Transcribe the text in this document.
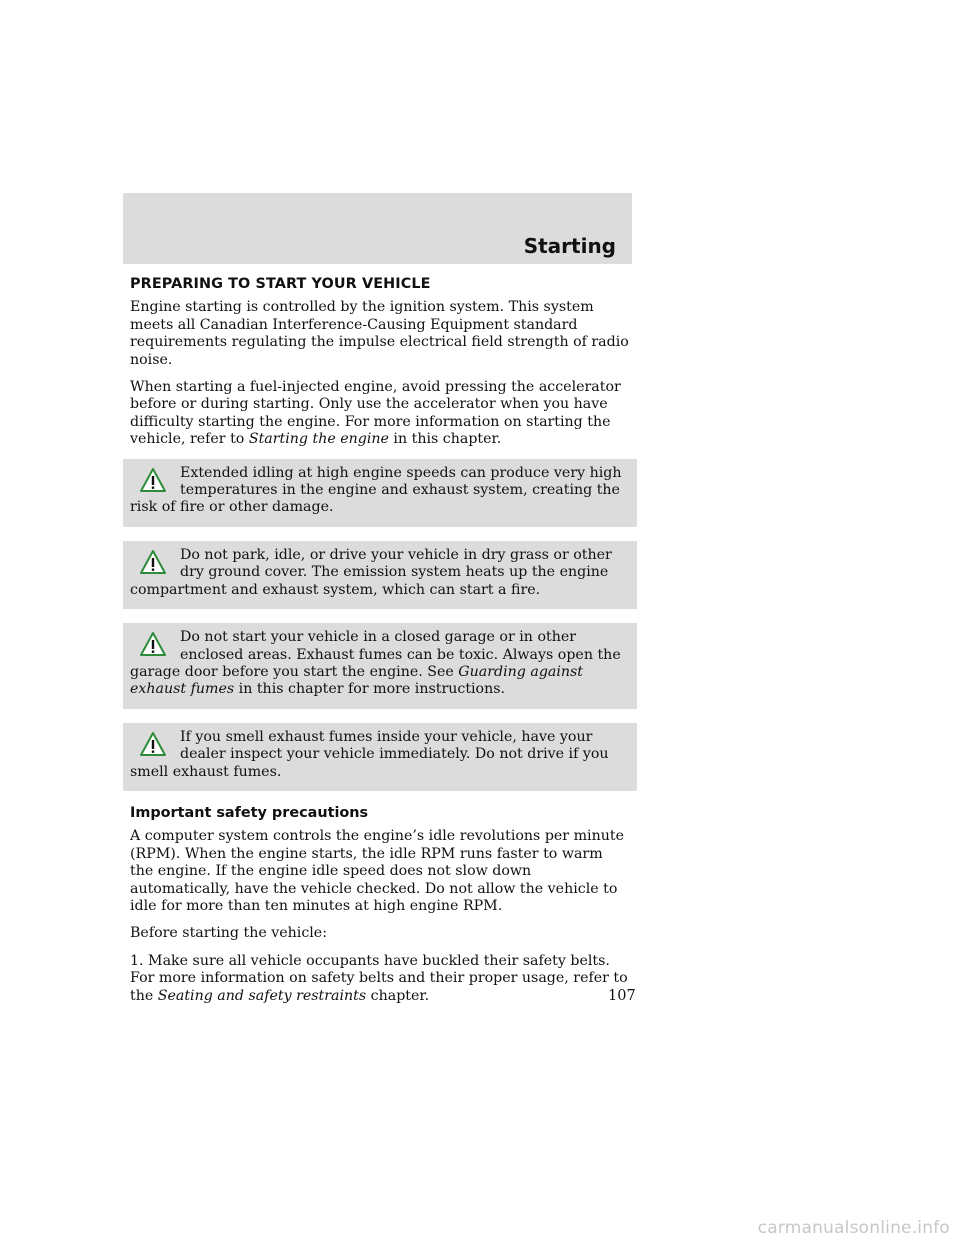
Starting
PREPARING TO START YOUR VEHICLE

Engine starting is controlled by the ignition system. This system meets all Canadian Interference-Causing Equipment standard requirements regulating the impulse electrical field strength of radio noise.

When starting a fuel-injected engine, avoid pressing the accelerator before or during starting. Only use the accelerator when you have difficulty starting the engine. For more information on starting the vehicle, refer to Starting the engine in this chapter.

Extended idling at high engine speeds can produce very high temperatures in the engine and exhaust system, creating the risk of fire or other damage.

Do not park, idle, or drive your vehicle in dry grass or other dry ground cover. The emission system heats up the engine compartment and exhaust system, which can start a fire.

Do not start your vehicle in a closed garage or in other enclosed areas. Exhaust fumes can be toxic. Always open the garage door before you start the engine. See Guarding against exhaust fumes in this chapter for more instructions.

If you smell exhaust fumes inside your vehicle, have your dealer inspect your vehicle immediately. Do not drive if you smell exhaust fumes.

Important safety precautions

A computer system controls the engine’s idle revolutions per minute (RPM). When the engine starts, the idle RPM runs faster to warm the engine. If the engine idle speed does not slow down automatically, have the vehicle checked. Do not allow the vehicle to idle for more than ten minutes at high engine RPM.

Before starting the vehicle:

1. Make sure all vehicle occupants have buckled their safety belts. For more information on safety belts and their proper usage, refer to the Seating and safety restraints chapter.	107
carmanualsonline.info
